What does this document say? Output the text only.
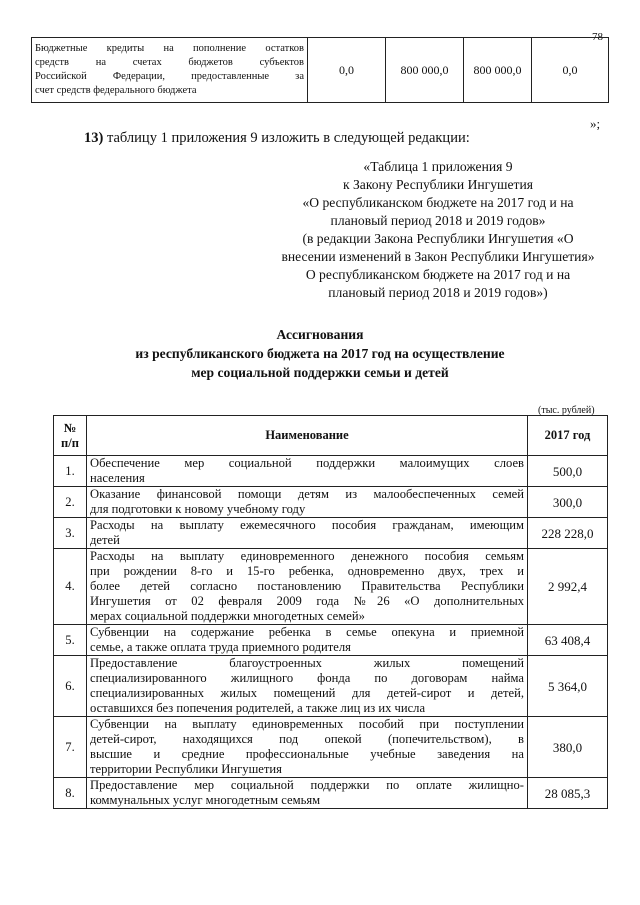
78
Бюджетные кредиты на пополнение остатков
средств на счетах бюджетов субъектов
Российской Федерации, предоставленные за
счет средств федерального бюджета
	0,0	800 000,0	800 000,0	0,0
»;
13) таблицу 1 приложения 9 изложить в следующей редакции:
«Таблица 1 приложения 9
к Закону Республики Ингушетия
«О республиканском бюджете на 2017 год и на
плановый период 2018 и 2019 годов»
(в редакции Закона Республики Ингушетия «О
внесении изменений в Закон Республики Ингушетия»
О республиканском бюджете на 2017 год и на
плановый период 2018 и 2019 годов»)
Ассигнования
из республиканского бюджета на 2017 год на осуществление
мер социальной поддержки семьи и детей
(тыс. рублей)
№
п/п	Наименование	2017 год
1.	Обеспечение мер социальной поддержки малоимущих слоев
населения	500,0
2.	Оказание финансовой помощи детям из малообеспеченных семей
для подготовки к новому учебному году	300,0
3.	Расходы на выплату ежемесячного пособия гражданам, имеющим
детей	228 228,0
4.	Расходы на выплату единовременного денежного пособия семьям
при рождении 8-го и 15-го ребенка, одновременно двух, трех и
более детей согласно постановлению Правительства Республики
Ингушетия от 02 февраля 2009 года №26 «О дополнительных
мерах социальной поддержки многодетных семей»	2 992,4
5.	Субвенции на содержание ребенка в семье опекуна и приемной
семье, а также оплата труда приемного родителя	63 408,4
6.	Предоставление благоустроенных жилых помещений
специализированного жилищного фонда по договорам найма
специализированных жилых помещений для детей-сирот и детей,
оставшихся без попечения родителей, а также лиц из их числа	5 364,0
7.	Субвенции на выплату единовременных пособий при поступлении
детей-сирот, находящихся под опекой (попечительством), в
высшие и средние профессиональные учебные заведения на
территории Республики Ингушетия	380,0
8.	Предоставление мер социальной поддержки по оплате жилищно-
коммунальных услуг многодетным семьям	28 085,3
